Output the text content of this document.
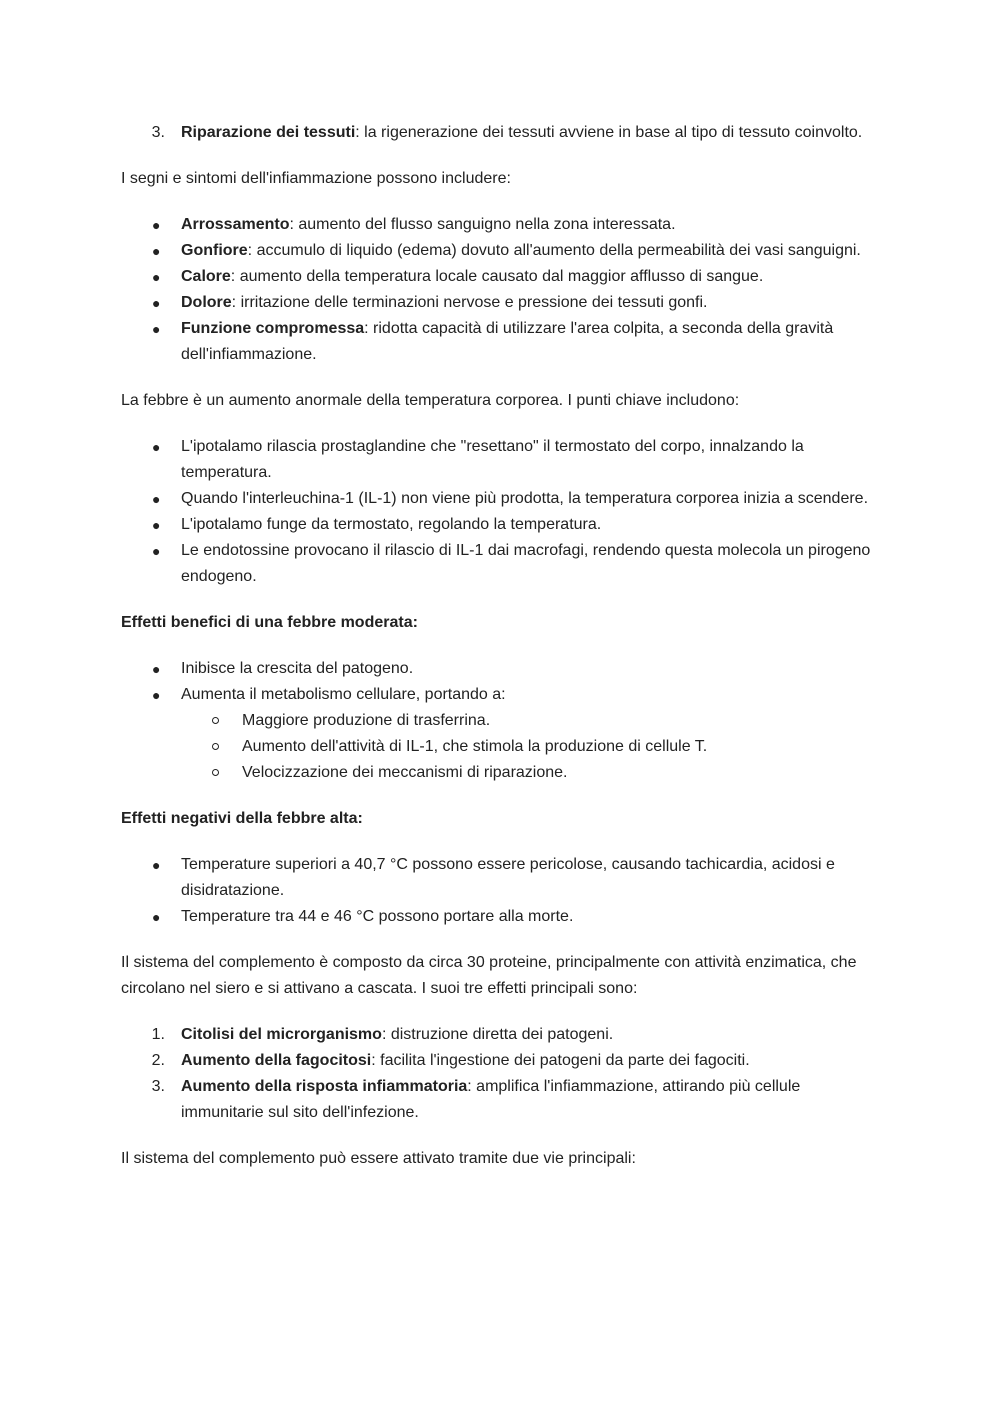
3. Riparazione dei tessuti: la rigenerazione dei tessuti avviene in base al tipo di tessuto coinvolto.

I segni e sintomi dell'infiammazione possono includere:

● Arrossamento: aumento del flusso sanguigno nella zona interessata.
● Gonfiore: accumulo di liquido (edema) dovuto all'aumento della permeabilità dei vasi sanguigni.
● Calore: aumento della temperatura locale causato dal maggior afflusso di sangue.
● Dolore: irritazione delle terminazioni nervose e pressione dei tessuti gonfi.
● Funzione compromessa: ridotta capacità di utilizzare l'area colpita, a seconda della gravità dell'infiammazione.

La febbre è un aumento anormale della temperatura corporea. I punti chiave includono:

● L'ipotalamo rilascia prostaglandine che "resettano" il termostato del corpo, innalzando la temperatura.
● Quando l'interleuchina-1 (IL-1) non viene più prodotta, la temperatura corporea inizia a scendere.
● L'ipotalamo funge da termostato, regolando la temperatura.
● Le endotossine provocano il rilascio di IL-1 dai macrofagi, rendendo questa molecola un pirogeno endogeno.

Effetti benefici di una febbre moderata:

● Inibisce la crescita del patogeno.
● Aumenta il metabolismo cellulare, portando a:
Maggiore produzione di trasferrina.
Aumento dell'attività di IL-1, che stimola la produzione di cellule T.
Velocizzazione dei meccanismi di riparazione.

Effetti negativi della febbre alta:

● Temperature superiori a 40,7 °C possono essere pericolose, causando tachicardia, acidosi e disidratazione.
● Temperature tra 44 e 46 °C possono portare alla morte.

Il sistema del complemento è composto da circa 30 proteine, principalmente con attività enzimatica, che circolano nel siero e si attivano a cascata. I suoi tre effetti principali sono:

1. Citolisi del microrganismo: distruzione diretta dei patogeni.
2. Aumento della fagocitosi: facilita l'ingestione dei patogeni da parte dei fagociti.
3. Aumento della risposta infiammatoria: amplifica l'infiammazione, attirando più cellule immunitarie sul sito dell'infezione.

Il sistema del complemento può essere attivato tramite due vie principali:
